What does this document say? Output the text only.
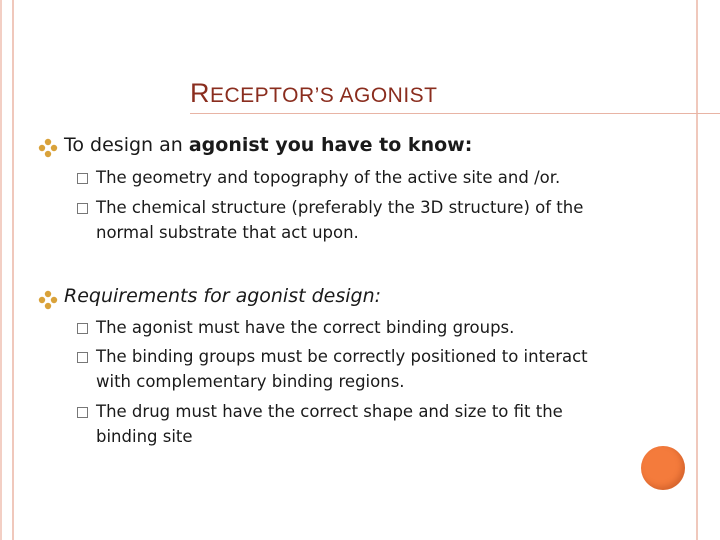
RECEPTOR’S AGONIST
To design an agonist you have to know:
The geometry and topography of the active site and /or.
The chemical structure (preferably the 3D structure) of the normal substrate that act upon.
Requirements for agonist design:
The agonist must have the correct binding groups.
The binding groups must be correctly positioned to interact with complementary binding regions.
The drug must have the correct shape and size to fit the binding site
